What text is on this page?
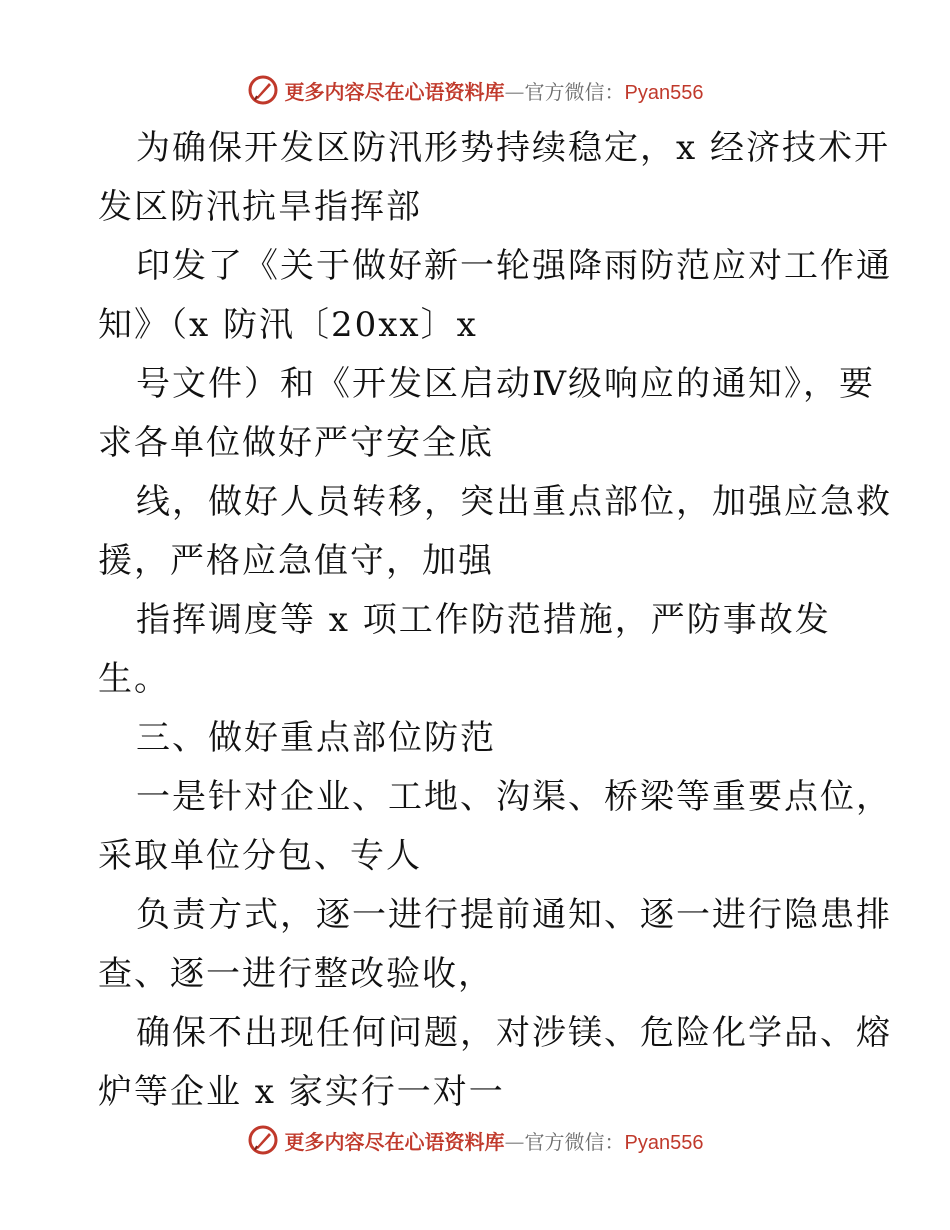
更多内容尽在心语资料库—官方微信：Pyan556
为确保开发区防汛形势持续稳定，x 经济技术开
发区防汛抗旱指挥部
印发了《关于做好新一轮强降雨防范应对工作通
知》（x 防汛〔20xx〕x
号文件）和《开发区启动Ⅳ级响应的通知》，要
求各单位做好严守安全底
线，做好人员转移，突出重点部位，加强应急救
援，严格应急值守，加强
指挥调度等 x 项工作防范措施，严防事故发
生。
三、做好重点部位防范
一是针对企业、工地、沟渠、桥梁等重要点位，
采取单位分包、专人
负责方式，逐一进行提前通知、逐一进行隐患排
查、逐一进行整改验收，
确保不出现任何问题，对涉镁、危险化学品、熔
炉等企业 x 家实行一对一
更多内容尽在心语资料库—官方微信：Pyan556
